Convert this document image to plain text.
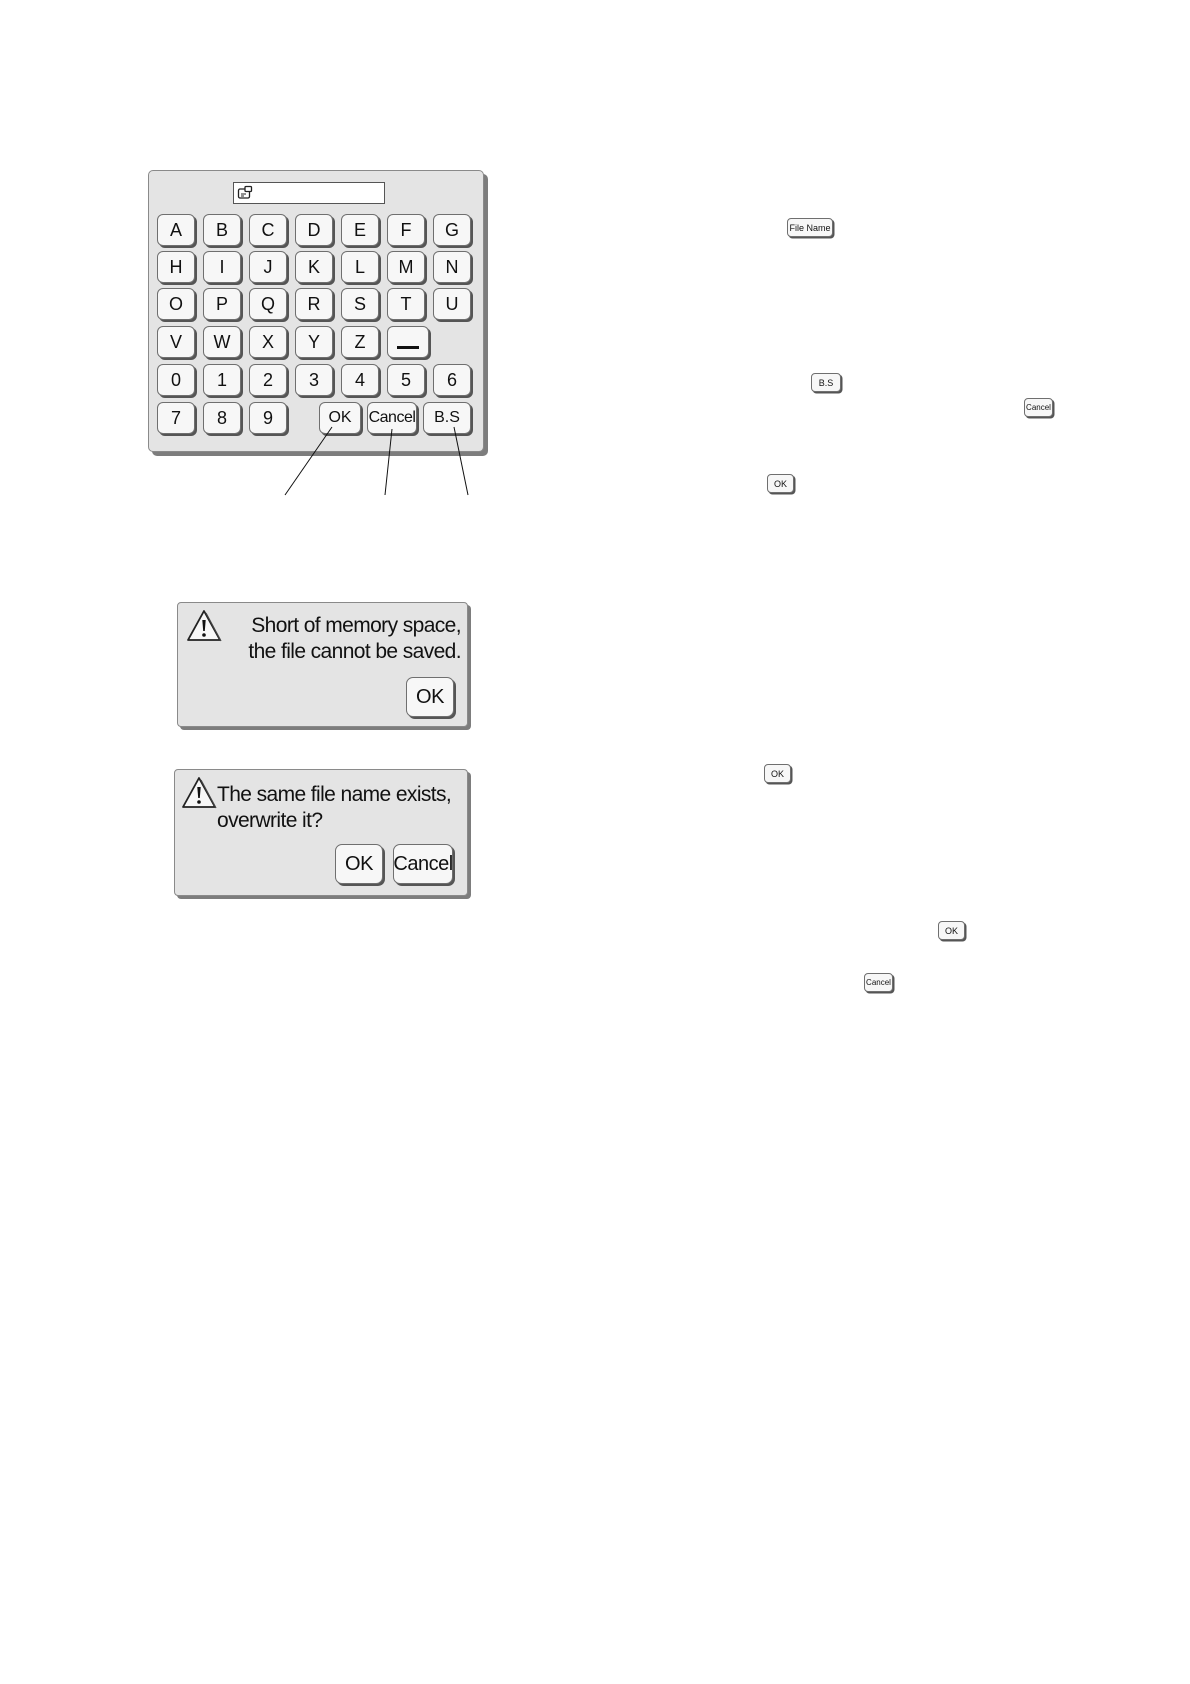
A	B	C	D	E	F	G
H	I	J	K	L	M	N
O	P	Q	R	S	T	U
V	W	X	Y	Z
0	1	2	3	4	5	6
7	8	9	OK	Cancel	B.S
Short of memory space,
the file cannot be saved.
OK
The same file name exists,
overwrite it?
OK	Cancel
File Name
B.S
Cancel
OK
OK
OK
Cancel
